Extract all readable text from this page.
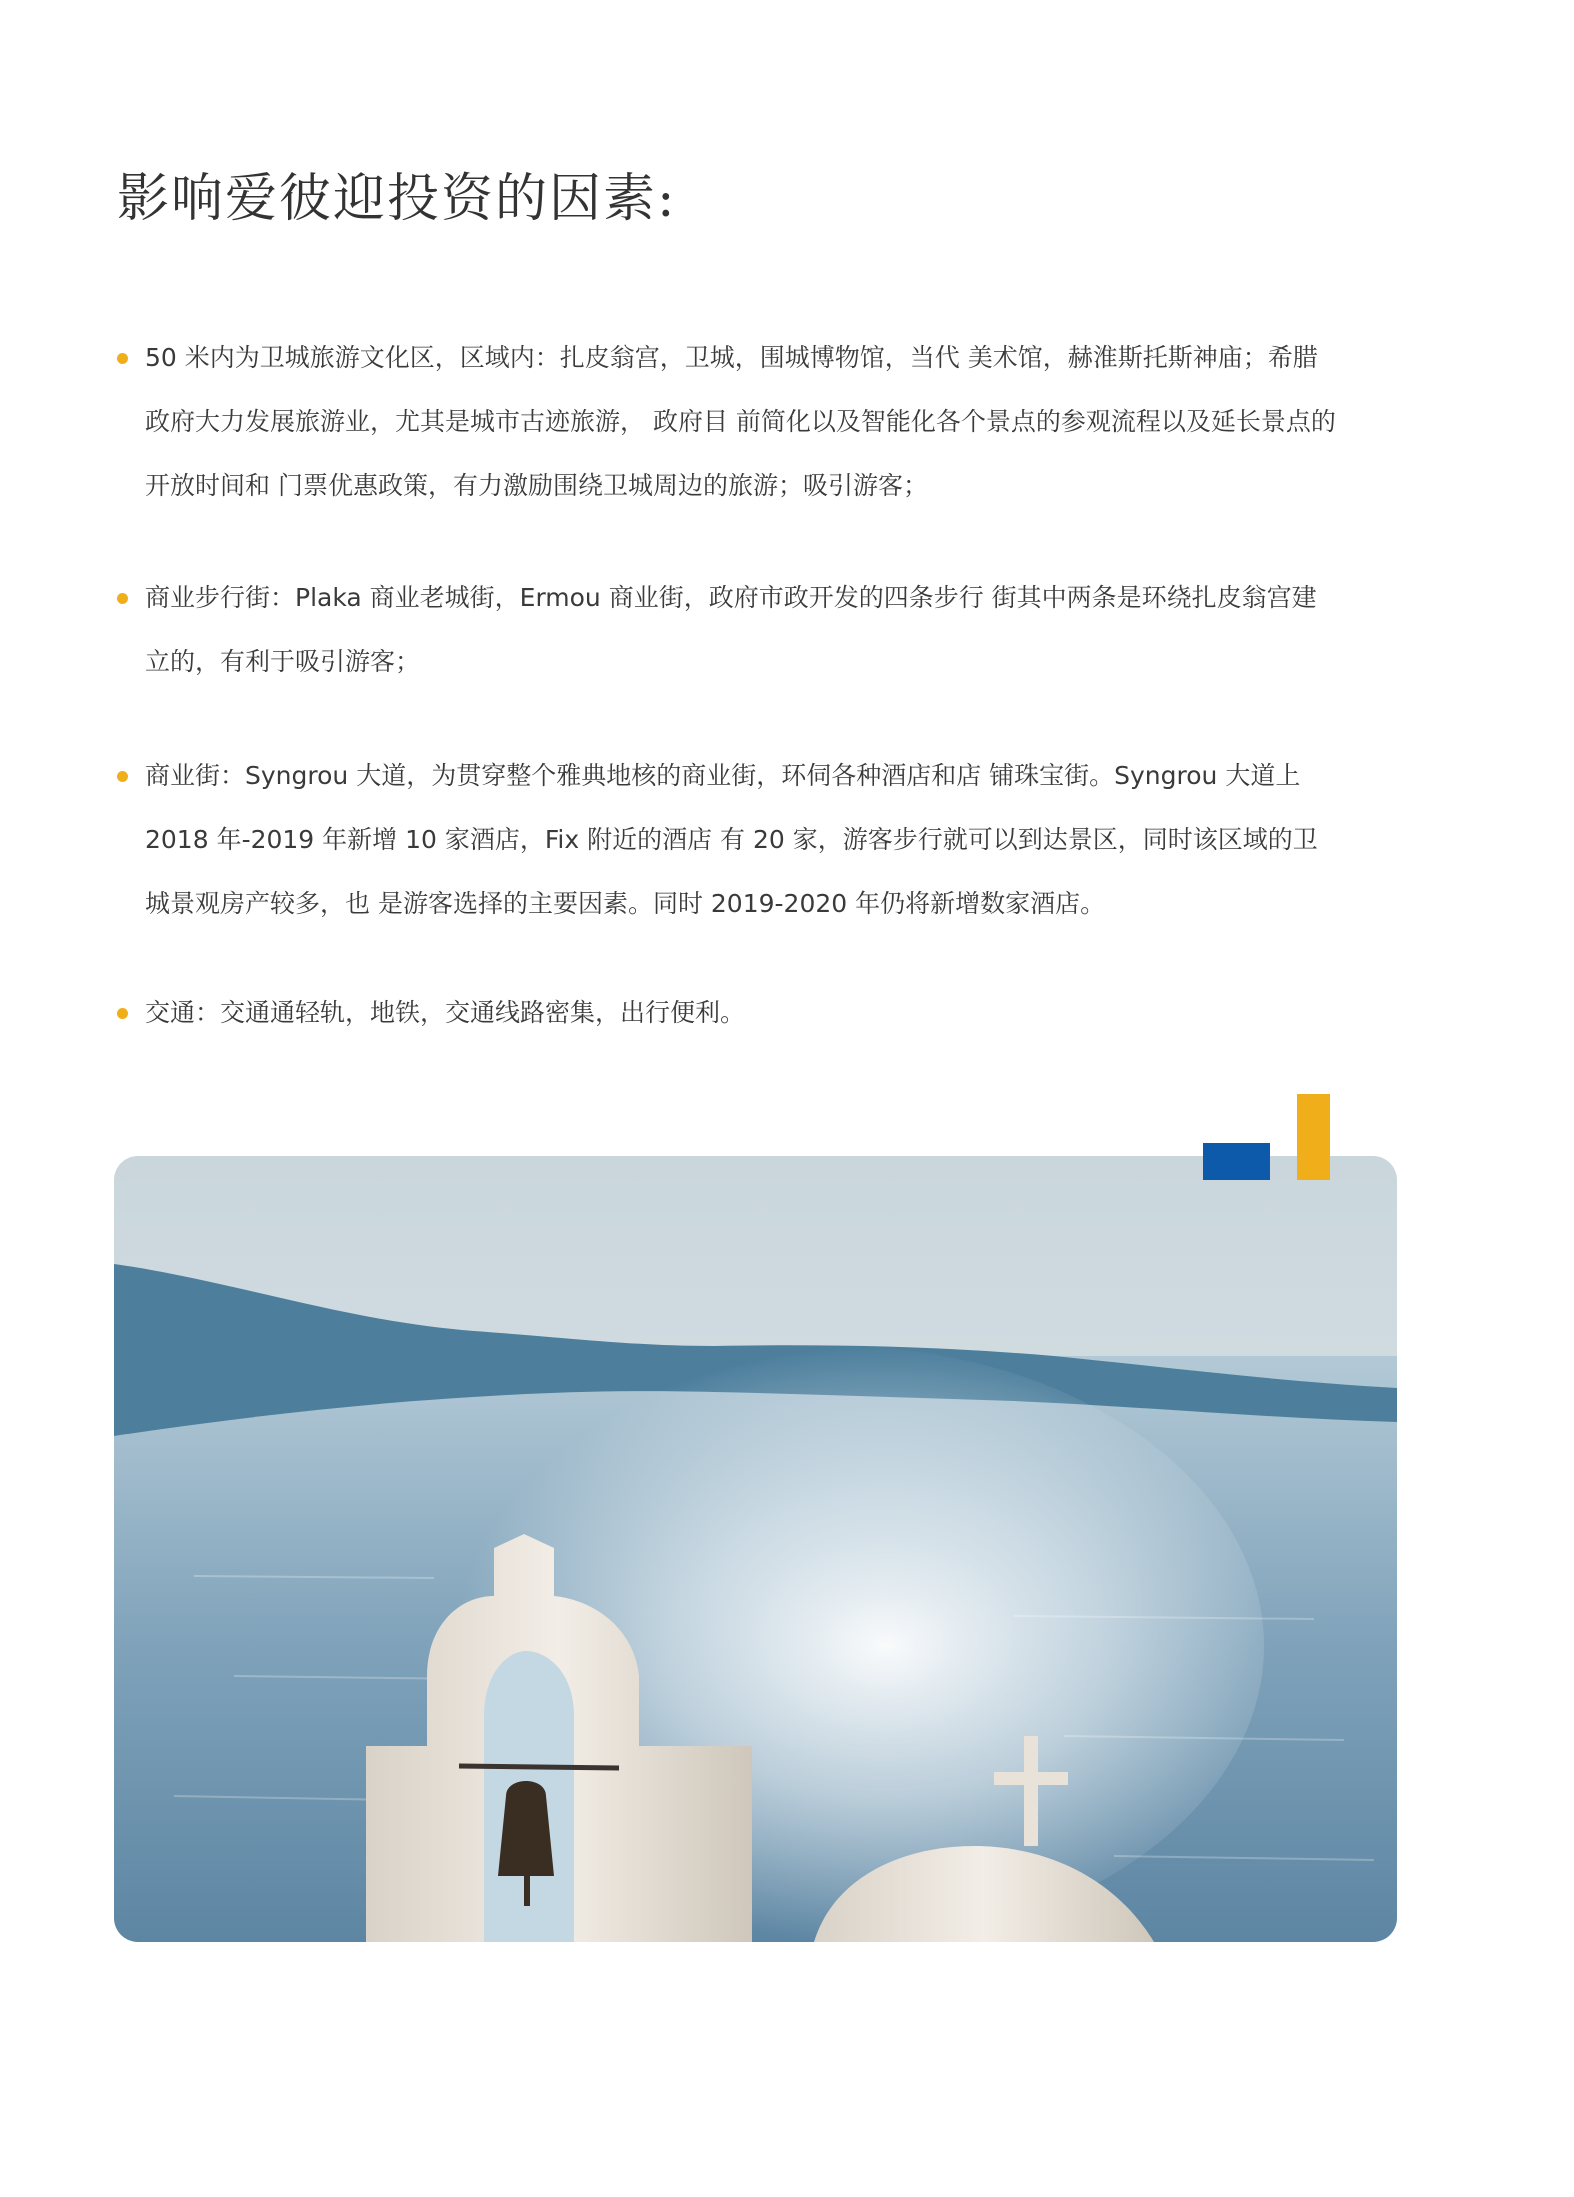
影响爱彼迎投资的因素:
50 米内为卫城旅游文化区，区域内：扎皮翁宫，卫城，围城博物馆，当代 美术馆，赫淮斯托斯神庙；希腊政府大力发展旅游业，尤其是城市古迹旅游， 政府目 前简化以及智能化各个景点的参观流程以及延长景点的开放时间和 门票优惠政策，有力激励围绕卫城周边的旅游；吸引游客；
商业步行街：Plaka 商业老城街，Ermou 商业街，政府市政开发的四条步行 街其中两条是环绕扎皮翁宫建立的，有利于吸引游客；
商业街：Syngrou 大道，为贯穿整个雅典地核的商业街，环伺各种酒店和店 铺珠宝街。Syngrou 大道上 2018 年-2019 年新增 10 家酒店，Fix 附近的酒店 有 20 家，游客步行就可以到达景区，同时该区域的卫城景观房产较多，也 是游客选择的主要因素。同时 2019-2020 年仍将新增数家酒店。
交通：交通通轻轨，地铁，交通线路密集，出行便利。
